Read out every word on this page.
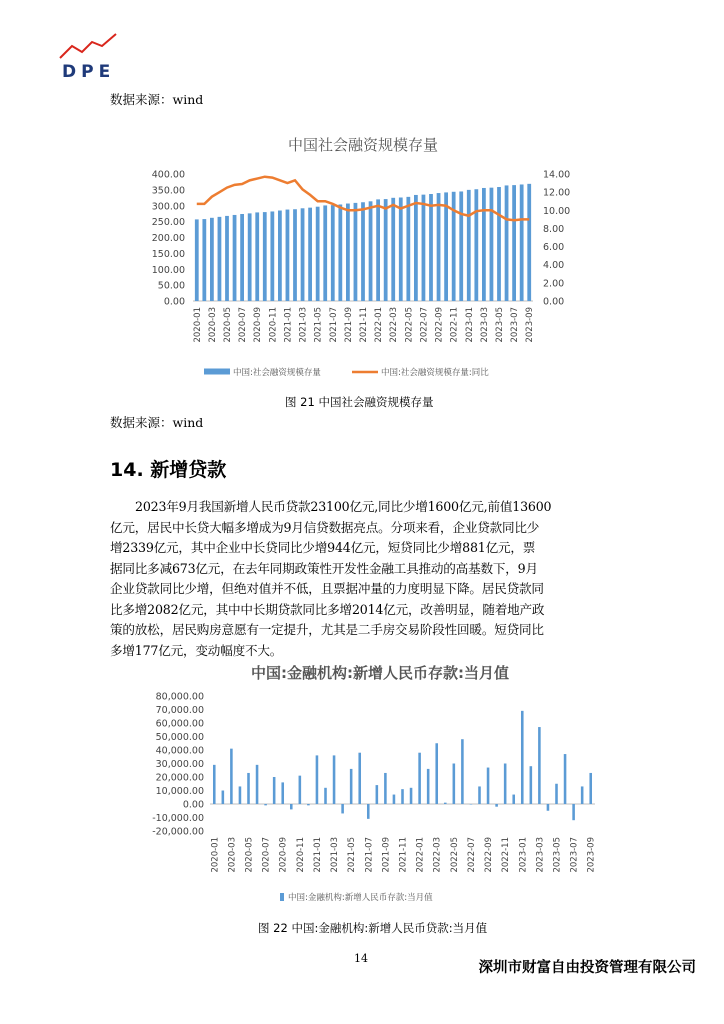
DPE
数据来源：wind
中国社会融资规模存量
0.00
50.00
100.00
150.00
200.00
250.00
300.00
350.00
400.00
0.00
2.00
4.00
6.00
8.00
10.00
12.00
14.00
2020-01 2020-03 2020-05 2020-07 2020-09 2020-11 2021-01 2021-03 2021-05 2021-07 2021-09 2021-11 2022-01 2022-03 2022-05 2022-07 2022-09 2022-11 2023-01 2023-03 2023-05 2023-07 2023-09
中国:社会融资规模存量	中国:社会融资规模存量:同比
图 21 中国社会融资规模存量
数据来源：wind
14. 新增贷款
2023年9月我国新增人民币贷款23100亿元,同比少增1600亿元,前值13600
亿元，居民中长贷大幅多增成为9月信贷数据亮点。分项来看，企业贷款同比少
增2339亿元，其中企业中长贷同比少增944亿元，短贷同比少增881亿元，票
据同比多减673亿元，在去年同期政策性开发性金融工具推动的高基数下，9月
企业贷款同比少增，但绝对值并不低，且票据冲量的力度明显下降。居民贷款同
比多增2082亿元，其中中长期贷款同比多增2014亿元，改善明显，随着地产政
策的放松，居民购房意愿有一定提升，尤其是二手房交易阶段性回暖。短贷同比
多增177亿元，变动幅度不大。
中国:金融机构:新增人民币存款:当月值
80,000.00
70,000.00
60,000.00
50,000.00
40,000.00
30,000.00
20,000.00
10,000.00
0.00
-10,000.00
-20,000.00
2020-01 2020-03 2020-05 2020-07 2020-09 2020-11 2021-01 2021-03 2021-05 2021-07 2021-09 2021-11 2022-01 2022-03 2022-05 2022-07 2022-09 2022-11 2023-01 2023-03 2023-05 2023-07 2023-09
中国:金融机构:新增人民币存款:当月值
图 22 中国:金融机构:新增人民币贷款:当月值
14
深圳市财富自由投资管理有限公司
